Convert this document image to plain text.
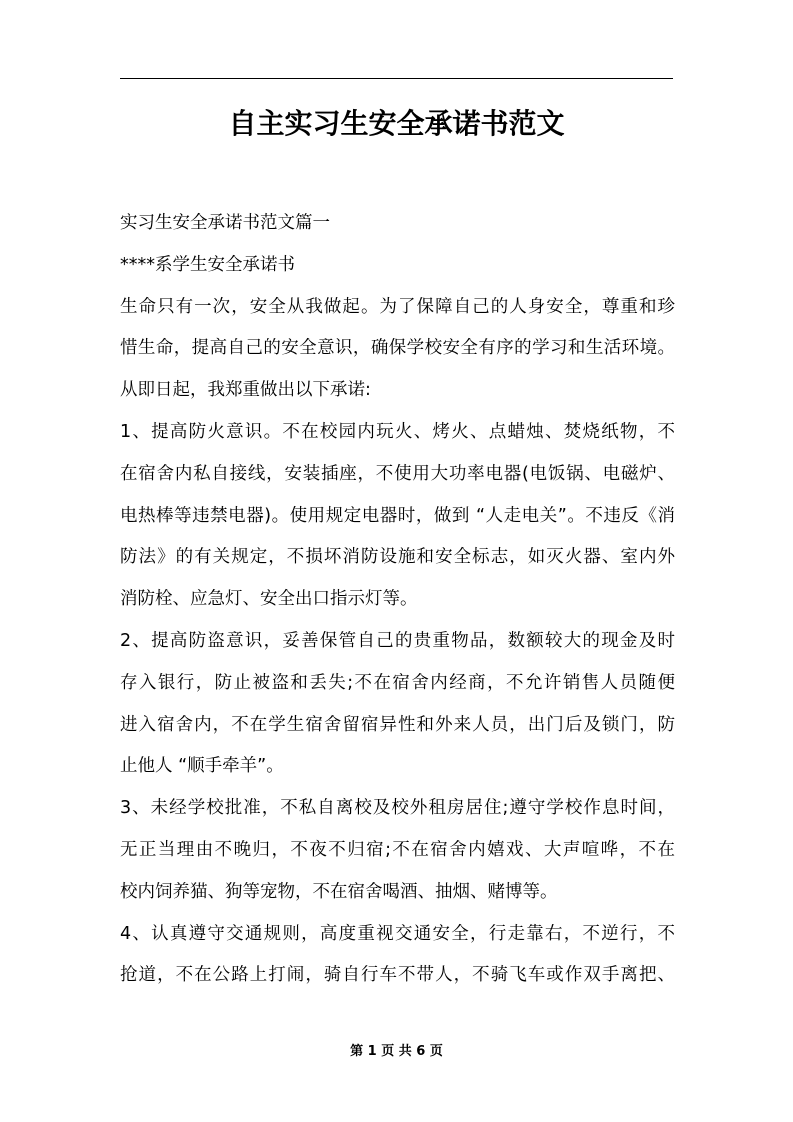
自主实习生安全承诺书范文
实习生安全承诺书范文篇一
****系学生安全承诺书
生命只有一次，安全从我做起。为了保障自己的人身安全，尊重和珍
惜生命，提高自己的安全意识，确保学校安全有序的学习和生活环境。
从即日起，我郑重做出以下承诺:
1、提高防火意识。不在校园内玩火、烤火、点蜡烛、焚烧纸物，不
在宿舍内私自接线，安装插座，不使用大功率电器(电饭锅、电磁炉、
电热棒等违禁电器)。使用规定电器时，做到 “人走电关”。不违反《消
防法》的有关规定，不损坏消防设施和安全标志，如灭火器、室内外
消防栓、应急灯、安全出口指示灯等。
2、提高防盗意识，妥善保管自己的贵重物品，数额较大的现金及时
存入银行，防止被盗和丢失;不在宿舍内经商，不允许销售人员随便
进入宿舍内，不在学生宿舍留宿异性和外来人员，出门后及锁门，防
止他人 “顺手牵羊”。
3、未经学校批准，不私自离校及校外租房居住;遵守学校作息时间，
无正当理由不晚归，不夜不归宿;不在宿舍内嬉戏、大声喧哗，不在
校内饲养猫、狗等宠物，不在宿舍喝酒、抽烟、赌博等。
4、认真遵守交通规则，高度重视交通安全，行走靠右，不逆行，不
抢道，不在公路上打闹，骑自行车不带人，不骑飞车或作双手离把、
第 1 页 共 6 页
